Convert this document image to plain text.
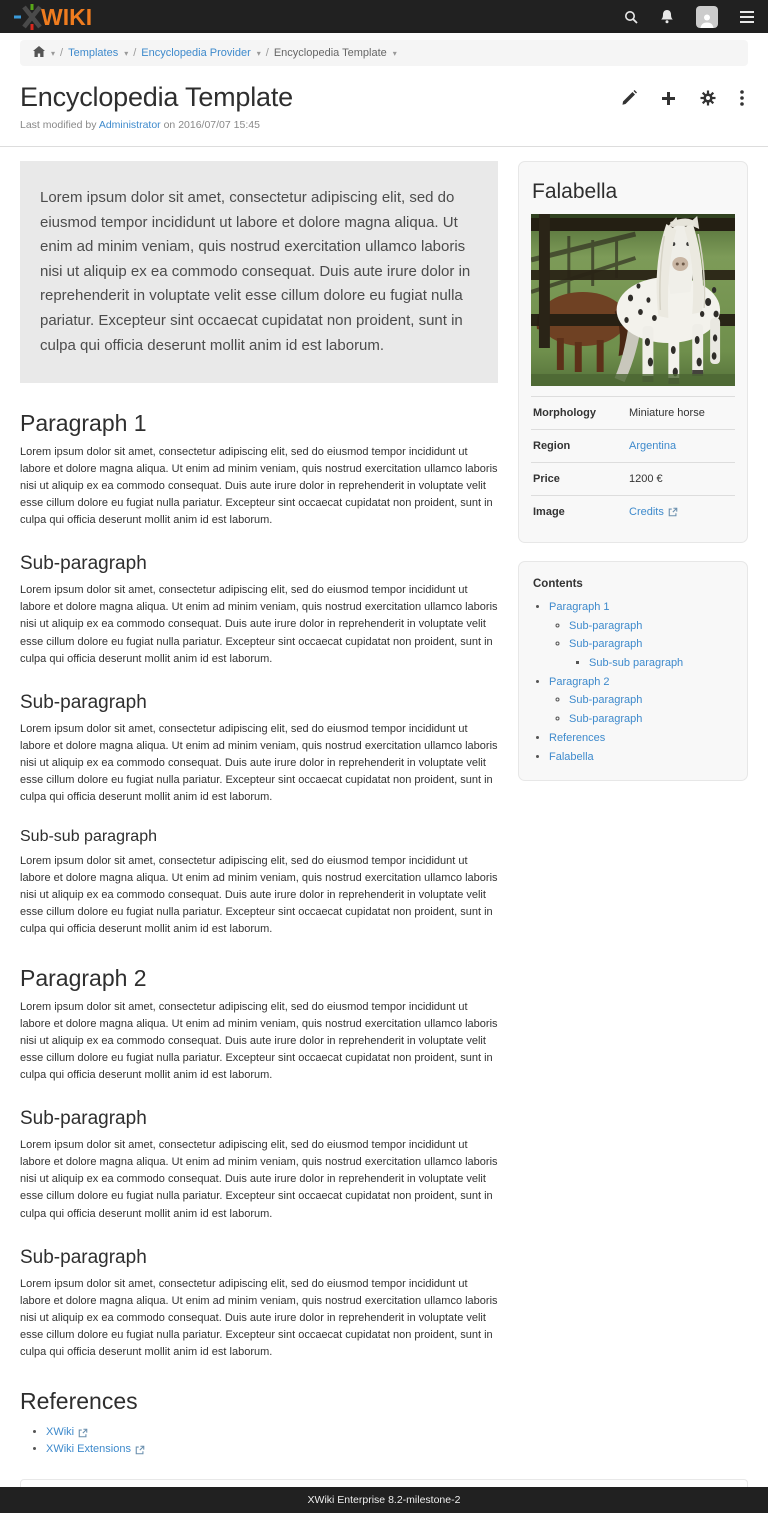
WIKI
▾ / Templates ▾ / Encyclopedia Provider ▾ / Encyclopedia Template ▾
Encyclopedia Template
Last modified by Administrator on 2016/07/07 15:45
Lorem ipsum dolor sit amet, consectetur adipiscing elit, sed do eiusmod tempor incididunt ut labore et dolore magna aliqua. Ut enim ad minim veniam, quis nostrud exercitation ullamco laboris nisi ut aliquip ex ea commodo consequat. Duis aute irure dolor in reprehenderit in voluptate velit esse cillum dolore eu fugiat nulla pariatur. Excepteur sint occaecat cupidatat non proident, sunt in culpa qui officia deserunt mollit anim id est laborum.
Paragraph 1

Lorem ipsum dolor sit amet, consectetur adipiscing elit, sed do eiusmod tempor incididunt ut labore et dolore magna aliqua. Ut enim ad minim veniam, quis nostrud exercitation ullamco laboris nisi ut aliquip ex ea commodo consequat. Duis aute irure dolor in reprehenderit in voluptate velit esse cillum dolore eu fugiat nulla pariatur. Excepteur sint occaecat cupidatat non proident, sunt in culpa qui officia deserunt mollit anim id est laborum.

Sub-paragraph

Lorem ipsum dolor sit amet, consectetur adipiscing elit, sed do eiusmod tempor incididunt ut labore et dolore magna aliqua. Ut enim ad minim veniam, quis nostrud exercitation ullamco laboris nisi ut aliquip ex ea commodo consequat. Duis aute irure dolor in reprehenderit in voluptate velit esse cillum dolore eu fugiat nulla pariatur. Excepteur sint occaecat cupidatat non proident, sunt in culpa qui officia deserunt mollit anim id est laborum.

Sub-paragraph

Lorem ipsum dolor sit amet, consectetur adipiscing elit, sed do eiusmod tempor incididunt ut labore et dolore magna aliqua. Ut enim ad minim veniam, quis nostrud exercitation ullamco laboris nisi ut aliquip ex ea commodo consequat. Duis aute irure dolor in reprehenderit in voluptate velit esse cillum dolore eu fugiat nulla pariatur. Excepteur sint occaecat cupidatat non proident, sunt in culpa qui officia deserunt mollit anim id est laborum.

Sub-sub paragraph

Lorem ipsum dolor sit amet, consectetur adipiscing elit, sed do eiusmod tempor incididunt ut labore et dolore magna aliqua. Ut enim ad minim veniam, quis nostrud exercitation ullamco laboris nisi ut aliquip ex ea commodo consequat. Duis aute irure dolor in reprehenderit in voluptate velit esse cillum dolore eu fugiat nulla pariatur. Excepteur sint occaecat cupidatat non proident, sunt in culpa qui officia deserunt mollit anim id est laborum.

Paragraph 2

Lorem ipsum dolor sit amet, consectetur adipiscing elit, sed do eiusmod tempor incididunt ut labore et dolore magna aliqua. Ut enim ad minim veniam, quis nostrud exercitation ullamco laboris nisi ut aliquip ex ea commodo consequat. Duis aute irure dolor in reprehenderit in voluptate velit esse cillum dolore eu fugiat nulla pariatur. Excepteur sint occaecat cupidatat non proident, sunt in culpa qui officia deserunt mollit anim id est laborum.

Sub-paragraph

Lorem ipsum dolor sit amet, consectetur adipiscing elit, sed do eiusmod tempor incididunt ut labore et dolore magna aliqua. Ut enim ad minim veniam, quis nostrud exercitation ullamco laboris nisi ut aliquip ex ea commodo consequat. Duis aute irure dolor in reprehenderit in voluptate velit esse cillum dolore eu fugiat nulla pariatur. Excepteur sint occaecat cupidatat non proident, sunt in culpa qui officia deserunt mollit anim id est laborum.

Sub-paragraph

Lorem ipsum dolor sit amet, consectetur adipiscing elit, sed do eiusmod tempor incididunt ut labore et dolore magna aliqua. Ut enim ad minim veniam, quis nostrud exercitation ullamco laboris nisi ut aliquip ex ea commodo consequat. Duis aute irure dolor in reprehenderit in voluptate velit esse cillum dolore eu fugiat nulla pariatur. Excepteur sint occaecat cupidatat non proident, sunt in culpa qui officia deserunt mollit anim id est laborum.

References
• XWiki
• XWiki Extensions
Falabella
Morphology	Miniature horse
Region	Argentina
Price	1200 €
Image	Credits
Contents
• Paragraph 1
◦ Sub-paragraph
◦ Sub-paragraph
▪ Sub-sub paragraph
• Paragraph 2
◦ Sub-paragraph
◦ Sub-paragraph
• References
• Falabella
XWiki Enterprise 8.2-milestone-2
